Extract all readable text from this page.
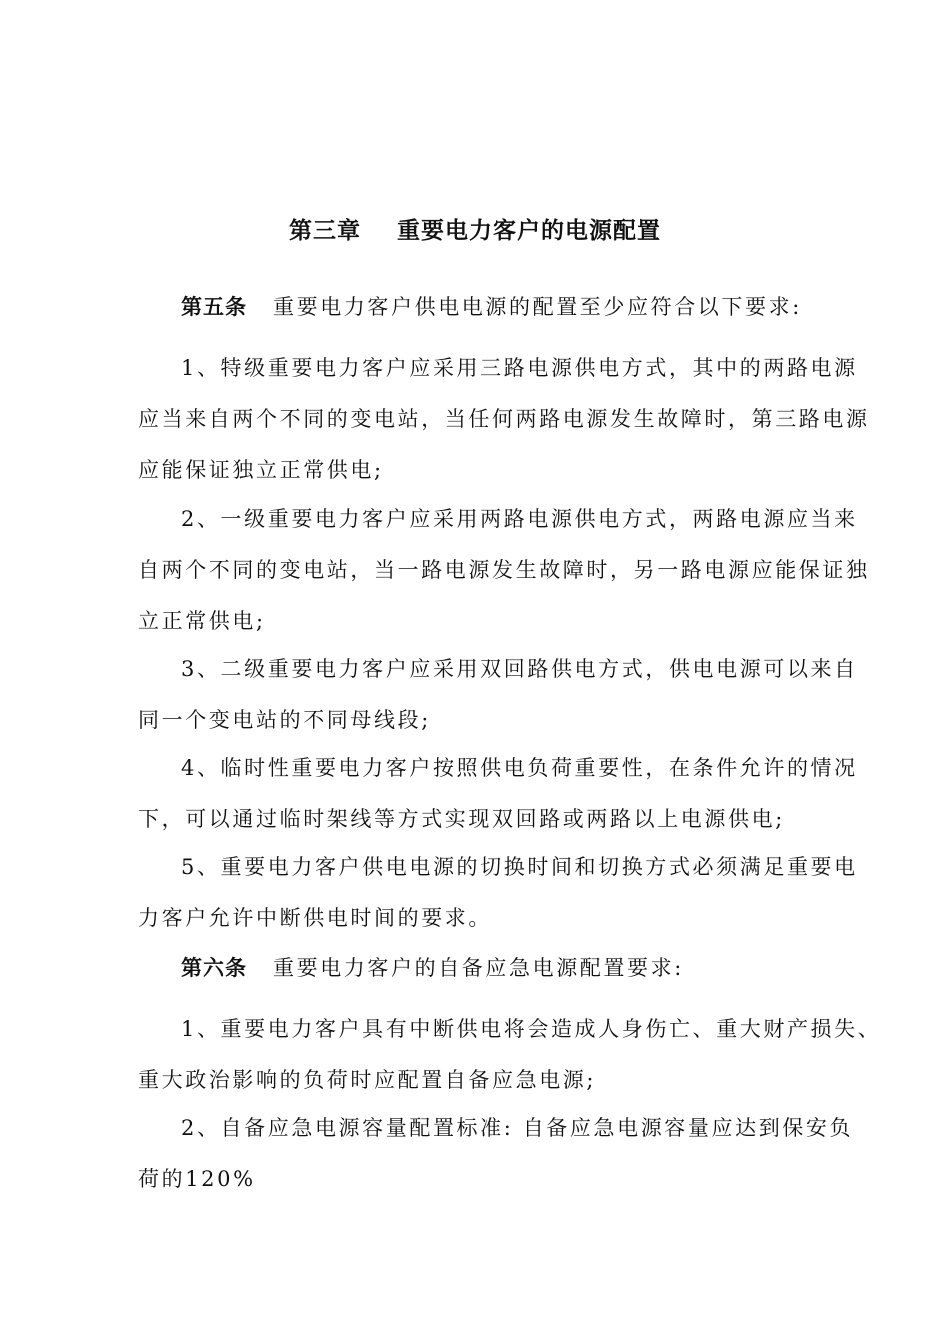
第三章    重要电力客户的电源配置
第五条 重要电力客户供电电源的配置至少应符合以下要求:
1、特级重要电力客户应采用三路电源供电方式，其中的两路电源
应当来自两个不同的变电站，当任何两路电源发生故障时，第三路电源
应能保证独立正常供电;
2、一级重要电力客户应采用两路电源供电方式，两路电源应当来
自两个不同的变电站，当一路电源发生故障时，另一路电源应能保证独
立正常供电;
3、二级重要电力客户应采用双回路供电方式，供电电源可以来自
同一个变电站的不同母线段;
4、临时性重要电力客户按照供电负荷重要性，在条件允许的情况
下，可以通过临时架线等方式实现双回路或两路以上电源供电;
5、重要电力客户供电电源的切换时间和切换方式必须满足重要电
力客户允许中断供电时间的要求。
第六条 重要电力客户的自备应急电源配置要求:
1、重要电力客户具有中断供电将会造成人身伤亡、重大财产损失、
重大政治影响的负荷时应配置自备应急电源;
2、自备应急电源容量配置标准: 自备应急电源容量应达到保安负
荷的120%
